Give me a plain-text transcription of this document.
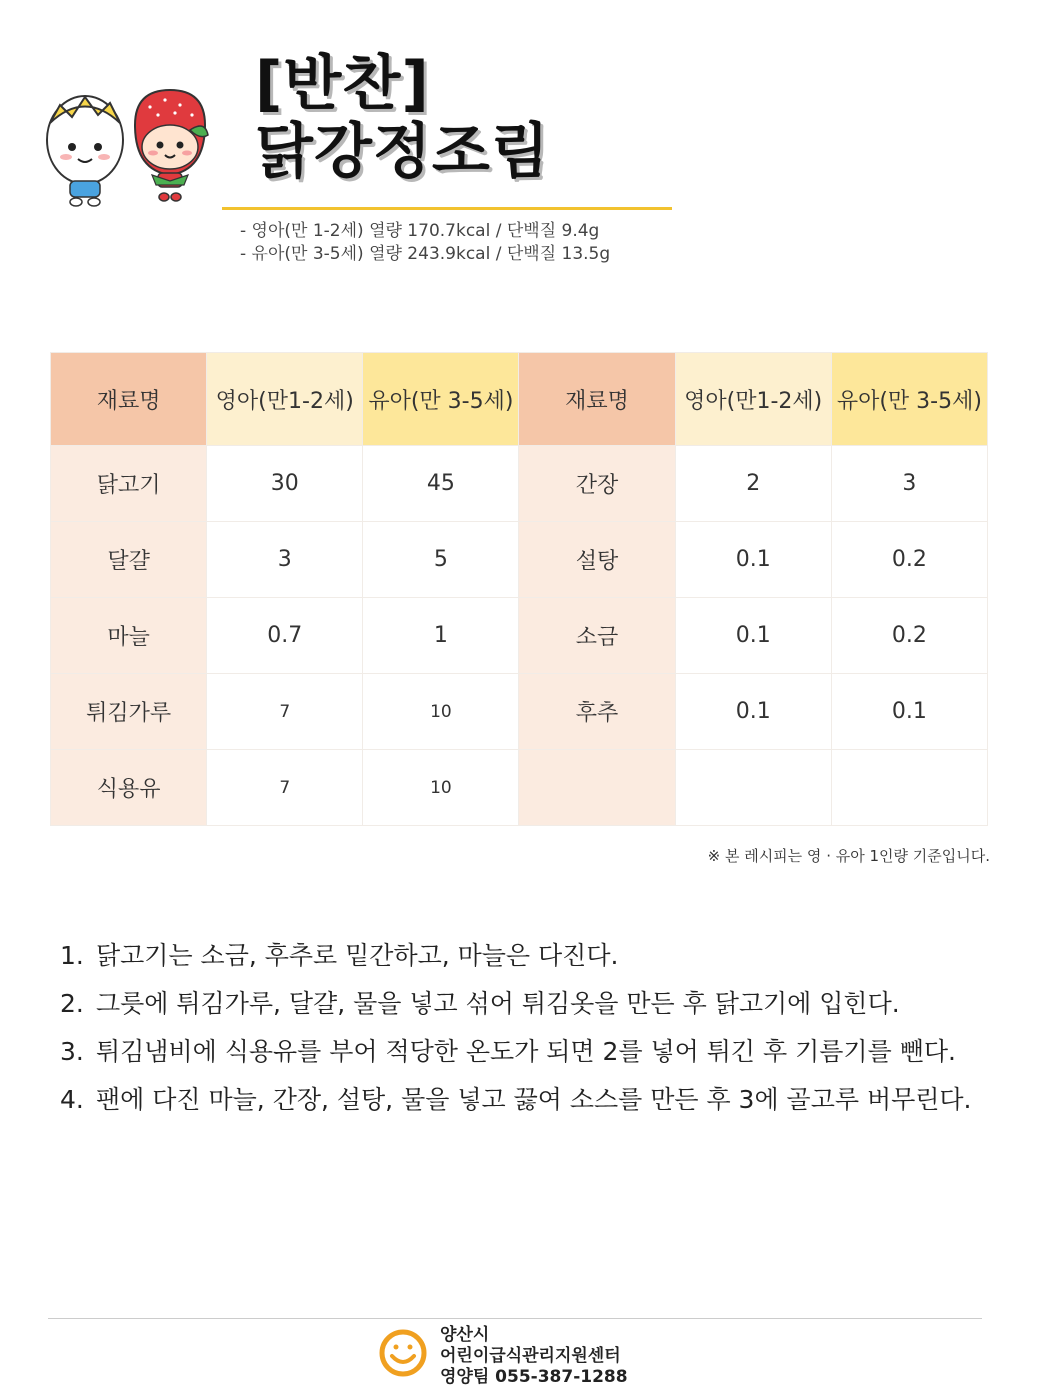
[반찬]
닭강정조림
- 영아(만 1-2세) 열량 170.7kcal / 단백질 9.4g
- 유아(만 3-5세) 열량 243.9kcal / 단백질 13.5g
재료명	영아(만1-2세)	유아(만 3-5세)	재료명	영아(만1-2세)	유아(만 3-5세)
닭고기	30	45	간장	2	3
달걀	3	5	설탕	0.1	0.2
마늘	0.7	1	소금	0.1	0.2
튀김가루	7	10	후추	0.1	0.1
식용유	7	10			
※ 본 레시피는 영 · 유아 1인량 기준입니다.
1. 닭고기는 소금, 후추로 밑간하고, 마늘은 다진다.
2. 그릇에 튀김가루, 달걀, 물을 넣고 섞어 튀김옷을 만든 후 닭고기에 입힌다.
3. 튀김냄비에 식용유를 부어 적당한 온도가 되면 2를 넣어 튀긴 후 기름기를 뺀다.
4. 팬에 다진 마늘, 간장, 설탕, 물을 넣고 끓여 소스를 만든 후 3에 골고루 버무린다.
양산시
어린이급식관리지원센터
영양팀 055-387-1288
